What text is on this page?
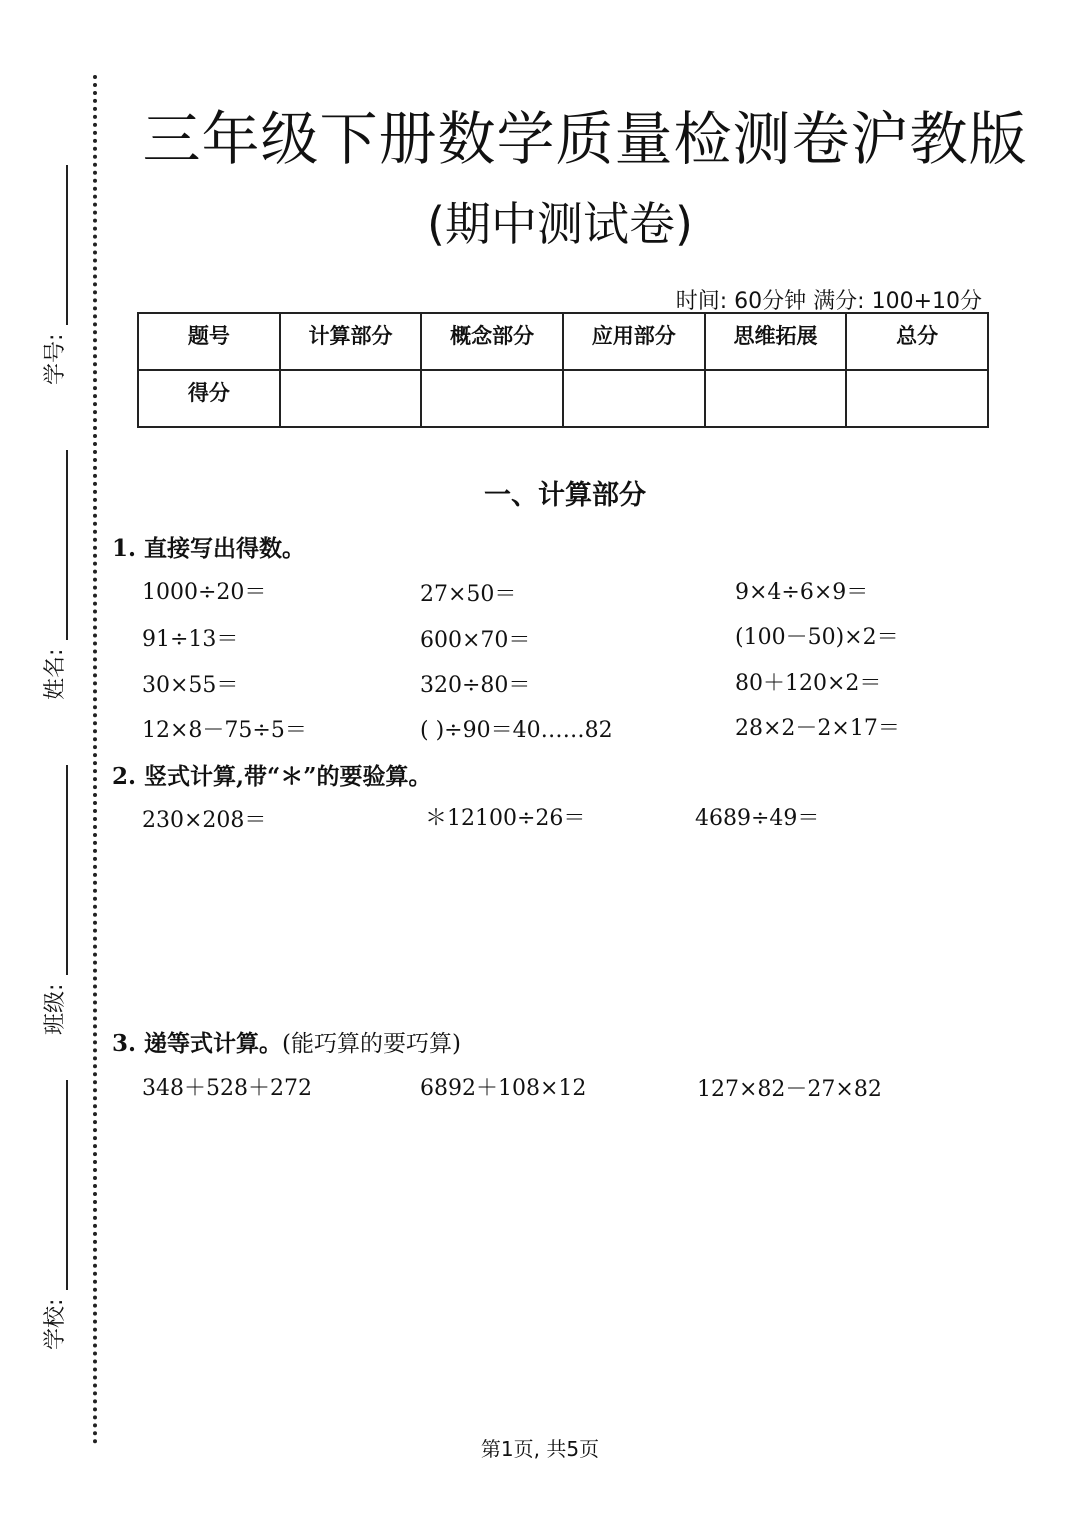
学号:
姓名:
班级:
学校:
三年级下册数学质量检测卷沪教版
(期中测试卷)
时间: 60分钟 满分: 100+10分
题号	计算部分	概念部分	应用部分	思维拓展	总分
得分					
一、计算部分
1. 直接写出得数。
1000÷20＝	27×50＝	9×4÷6×9＝
91÷13＝	600×70＝	(100－50)×2＝
30×55＝	320÷80＝	80＋120×2＝
12×8－75÷5＝	( )÷90＝40……82	28×2－2×17＝
2. 竖式计算,带“＊”的要验算。
230×208＝	＊12100÷26＝	4689÷49＝
3. 递等式计算。(能巧算的要巧算)
348＋528＋272	6892＋108×12	127×82－27×82
第1页, 共5页
